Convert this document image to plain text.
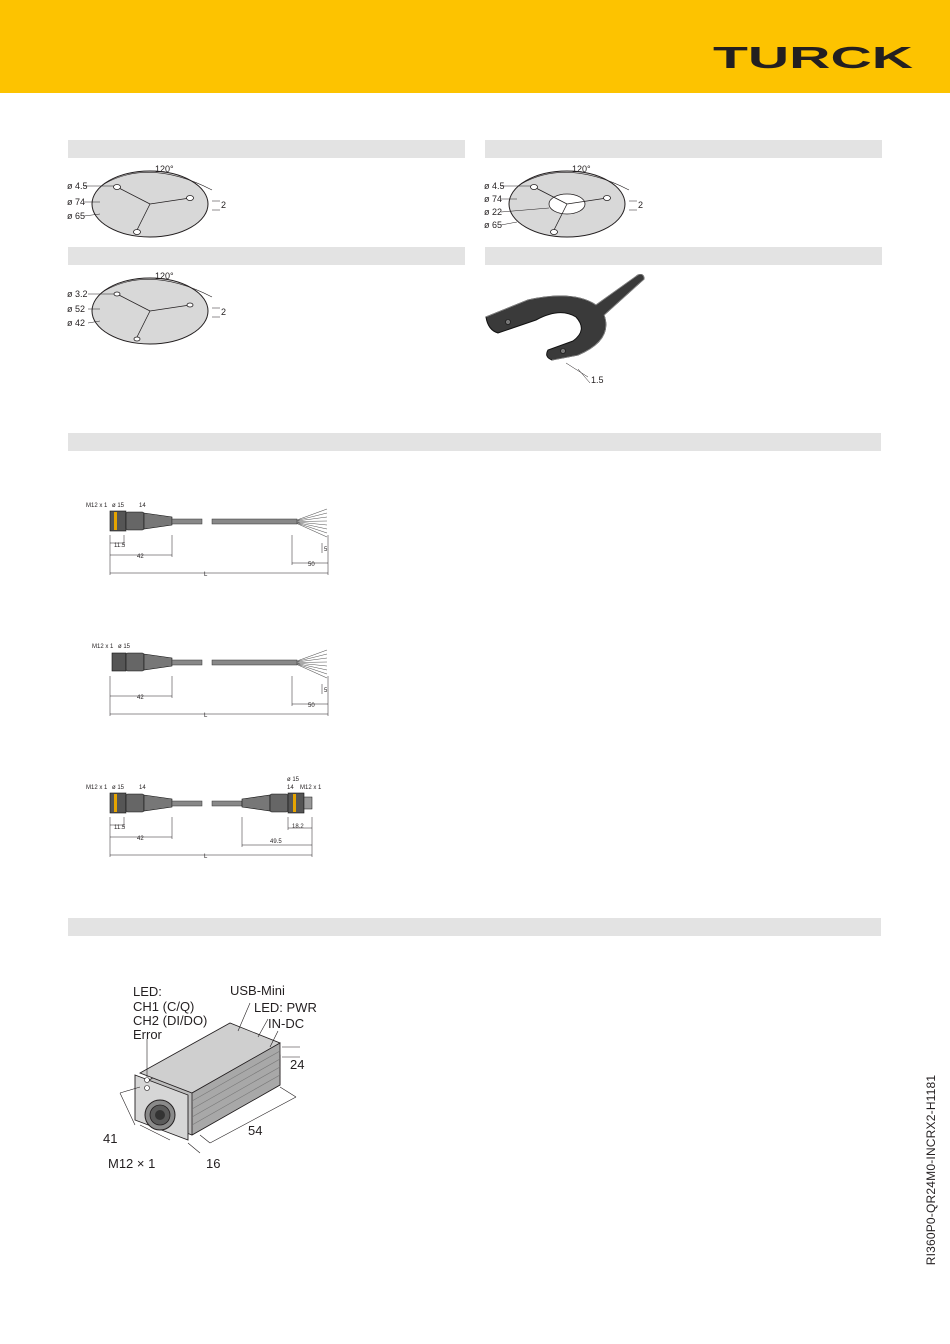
TURCK
120°
ø 4.5
ø 74
ø 65
2
120°
ø 4.5
ø 74
ø 22
ø 65
2
120°
ø 3.2
ø 52
ø 42
2
1.5
M12 x 1 ø 15 14
11.5
42
5
50
L
M12 x 1 ø 15
42
5
50
L
M12 x 1 ø 15 14
ø 15
14 M12 x 1
11.5
42
18.2
49.5
L
LED:
CH1 (C/Q)
CH2 (DI/DO)
Error
USB-Mini
LED: PWR
IN-DC
24
54
41
M12 × 1	16	RI360P0-QR24M0-INCRX2-H1181
